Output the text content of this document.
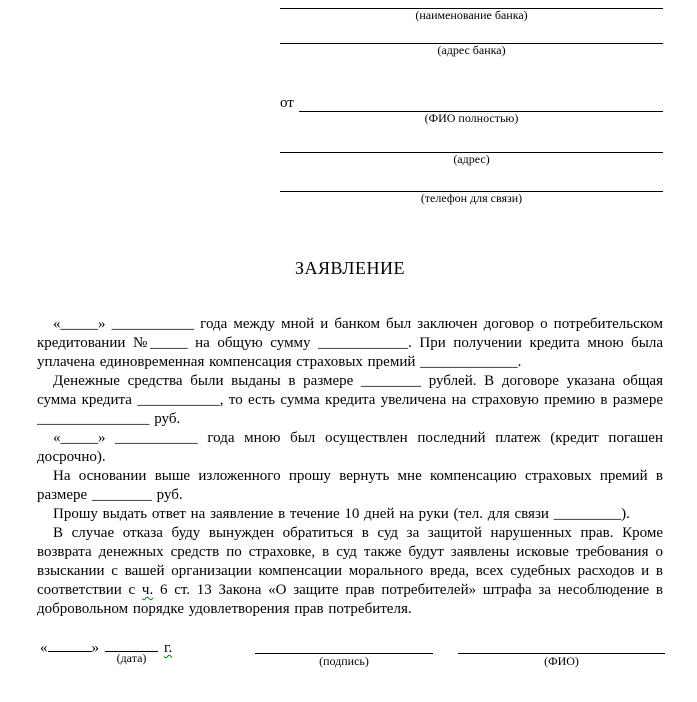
(наименование банка)
(адрес банка)
от
(ФИО полностью)
(адрес)
(телефон для связи)
ЗАЯВЛЕНИЕ

«_____» ___________ года между мной и банком был заключен договор о потребительском кредитовании №_____ на общую сумму ____________. При получении кредита мною была уплачена единовременная компенсация страховых премий _____________.

Денежные средства были выданы в размере ________ рублей. В договоре указана общая сумма кредита ___________, то есть сумма кредита увеличена на страховую премию в размере _______________ руб.

«_____» ___________ года мною был осуществлен последний платеж (кредит погашен досрочно).

На основании выше изложенного прошу вернуть мне компенсацию страховых премий в размере ________ руб.

Прошу выдать ответ на заявление в течение 10 дней на руки (тел. для связи _________).

В случае отказа буду вынужден обратиться в суд за защитой нарушенных прав. Кроме возврата денежных средств по страховке, в суд также будут заявлены исковые требования о взыскании с вашей организации компенсации морального вреда, всех судебных расходов и в соответствии с ч. 6 ст. 13 Закона «О защите прав потребителей» штрафа за несоблюдение в добровольном порядке удовлетворения прав потребителя.

«	»
(дата)
г.
(подпись)	(ФИО)
